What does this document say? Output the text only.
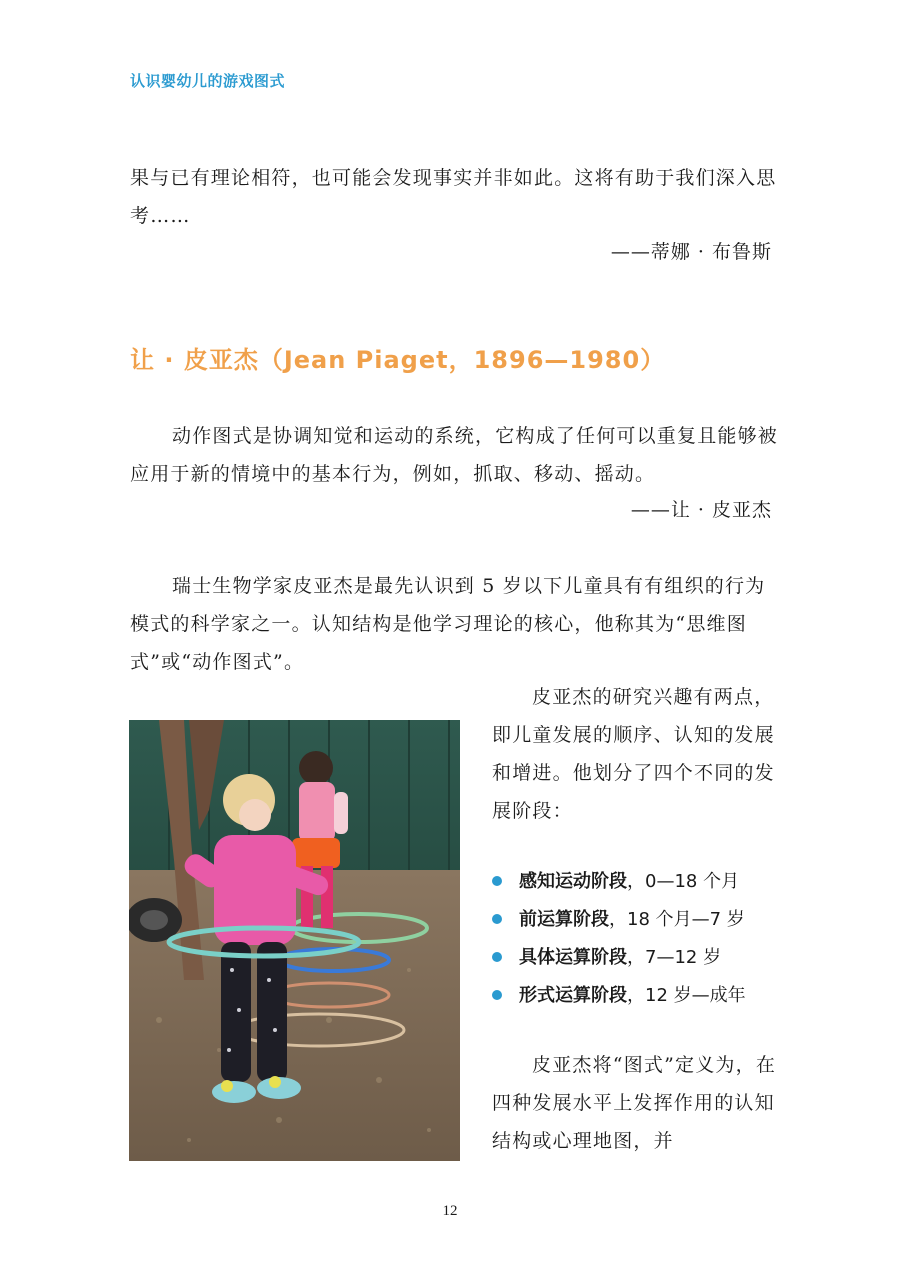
认识婴幼儿的游戏图式

果与已有理论相符，也可能会发现事实并非如此。这将有助于我们深入思考……

——蒂娜 · 布鲁斯
让 · 皮亚杰（Jean Piaget，1896—1980）

动作图式是协调知觉和运动的系统，它构成了任何可以重复且能够被应用于新的情境中的基本行为，例如，抓取、移动、摇动。

——让 · 皮亚杰

瑞士生物学家皮亚杰是最先认识到 5 岁以下儿童具有有组织的行为模式的科学家之一。认知结构是他学习理论的核心，他称其为“思维图式”或“动作图式”。

皮亚杰的研究兴趣有两点，即儿童发展的顺序、认知的发展和增进。他划分了四个不同的发展阶段：

感知运动阶段，0—18 个月
前运算阶段，18 个月—7 岁
具体运算阶段，7—12 岁
形式运算阶段，12 岁—成年

皮亚杰将“图式”定义为，在四种发展水平上发挥作用的认知结构或心理地图，并

12
